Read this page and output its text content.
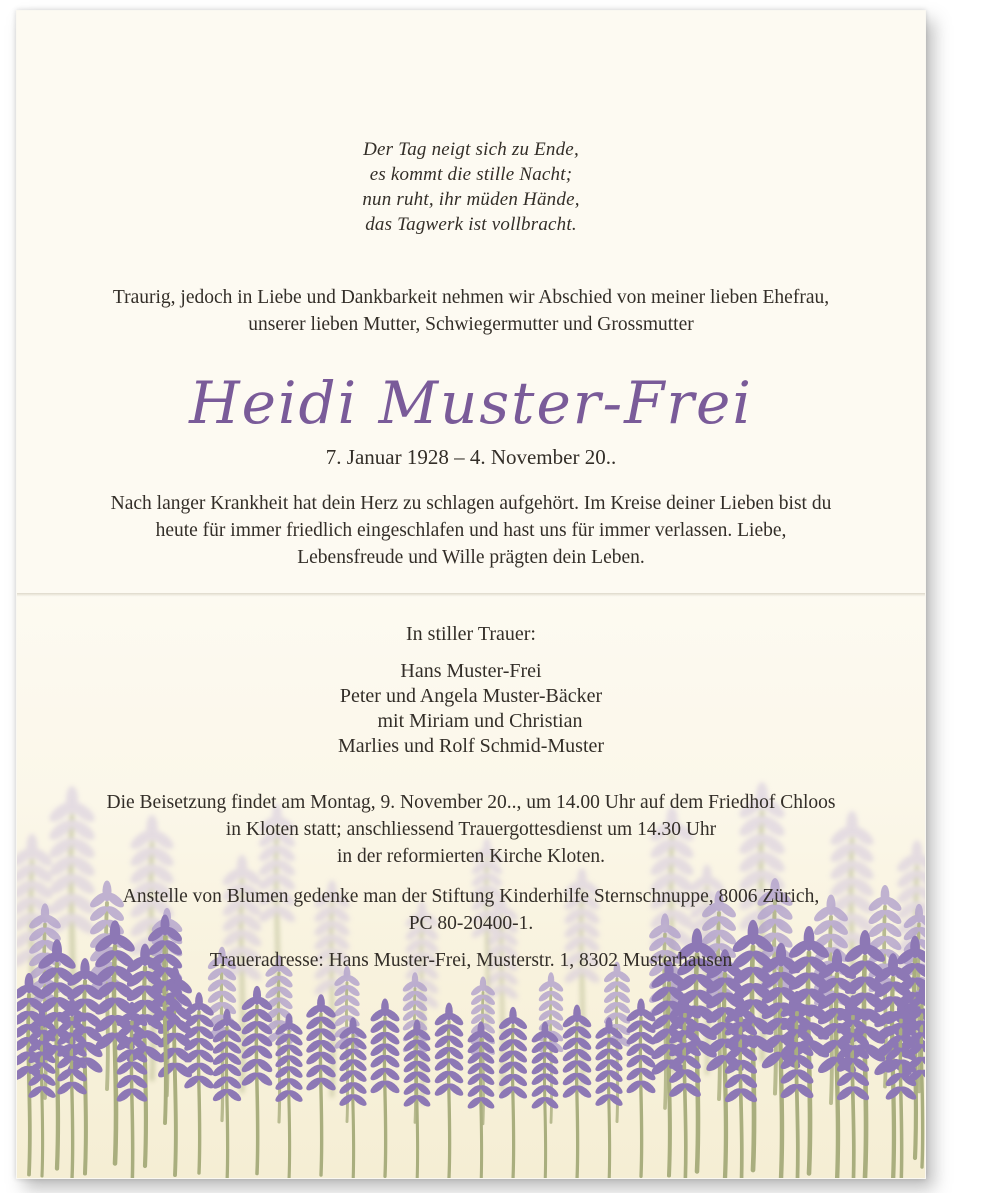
Der Tag neigt sich zu Ende,
es kommt die stille Nacht;
nun ruht, ihr müden Hände,
das Tagwerk ist vollbracht.
Traurig, jedoch in Liebe und Dankbarkeit nehmen wir Abschied von meiner lieben Ehefrau,
unserer lieben Mutter, Schwiegermutter und Grossmutter
Heidi Muster-Frei
7. Januar 1928 – 4. November 20..
Nach langer Krankheit hat dein Herz zu schlagen aufgehört. Im Kreise deiner Lieben bist du
heute für immer friedlich eingeschlafen und hast uns für immer verlassen. Liebe,
Lebensfreude und Wille prägten dein Leben.
In stiller Trauer:
Hans Muster-Frei
Peter und Angela Muster-Bäcker
mit Miriam und Christian
Marlies und Rolf Schmid-Muster
Die Beisetzung findet am Montag, 9. November 20.., um 14.00 Uhr auf dem Friedhof Chloos
in Kloten statt; anschliessend Trauergottesdienst um 14.30 Uhr
in der reformierten Kirche Kloten.
Anstelle von Blumen gedenke man der Stiftung Kinderhilfe Sternschnuppe, 8006 Zürich,
PC 80-20400-1.
Traueradresse: Hans Muster-Frei, Musterstr. 1, 8302 Musterhausen
